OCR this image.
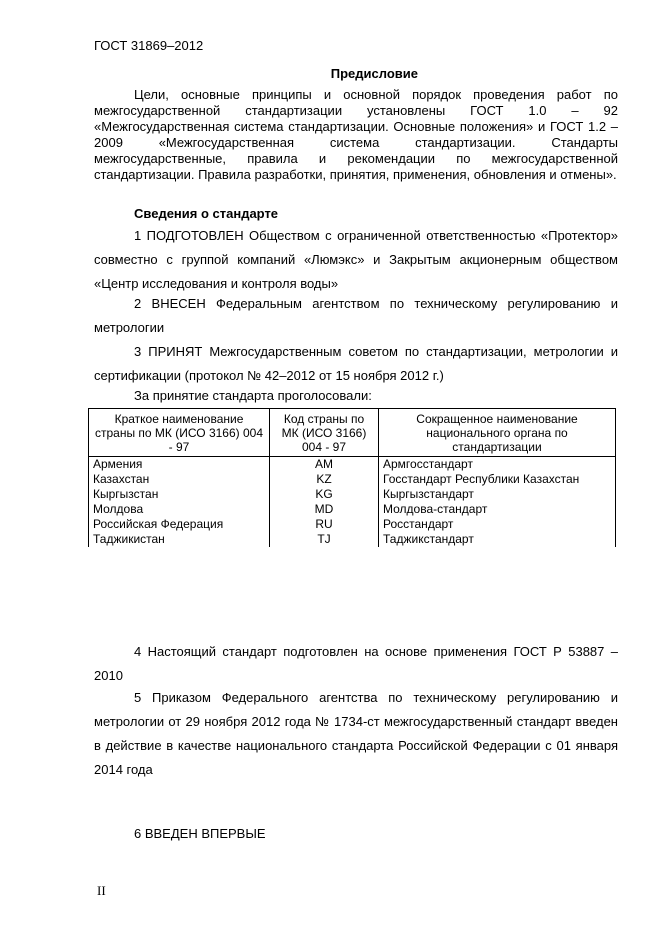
ГОСТ 31869–2012
Предисловие
Цели, основные принципы и основной порядок проведения работ по межгосударственной стандартизации установлены ГОСТ 1.0 – 92 «Межгосударственная система стандартизации. Основные положения» и ГОСТ 1.2 – 2009 «Межгосударственная система стандартизации. Стандарты межгосударственные, правила и рекомендации по межгосударственной стандартизации. Правила разработки, принятия, применения, обновления и отмены».
Сведения о стандарте
1 ПОДГОТОВЛЕН Обществом с ограниченной ответственностью «Протектор» совместно с группой компаний «Люмэкс» и Закрытым акционерным обществом «Центр исследования и контроля воды»
2 ВНЕСЕН Федеральным агентством по техническому регулированию и метрологии
3 ПРИНЯТ Межгосударственным советом по стандартизации, метрологии и сертификации (протокол № 42–2012 от 15 ноября 2012 г.)
За принятие стандарта проголосовали:
Краткое наименование страны по МК (ИСО 3166) 004 - 97	Код страны по МК (ИСО 3166) 004 - 97	Сокращенное наименование национального органа по стандартизации
Армения	AM	Армгосстандарт
Казахстан	KZ	Госстандарт Республики Казахстан
Кыргызстан	KG	Кыргызстандарт
Молдова	MD	Молдова-стандарт
Российская Федерация	RU	Росстандарт
Таджикистан	TJ	Таджикстандарт
4 Настоящий стандарт подготовлен на основе применения ГОСТ Р 53887 – 2010
5 Приказом Федерального агентства по техническому регулированию и метрологии от 29 ноября 2012 года № 1734-ст межгосударственный стандарт введен в действие в качестве национального стандарта Российской Федерации с 01 января 2014 года
6 ВВЕДЕН ВПЕРВЫЕ
II
